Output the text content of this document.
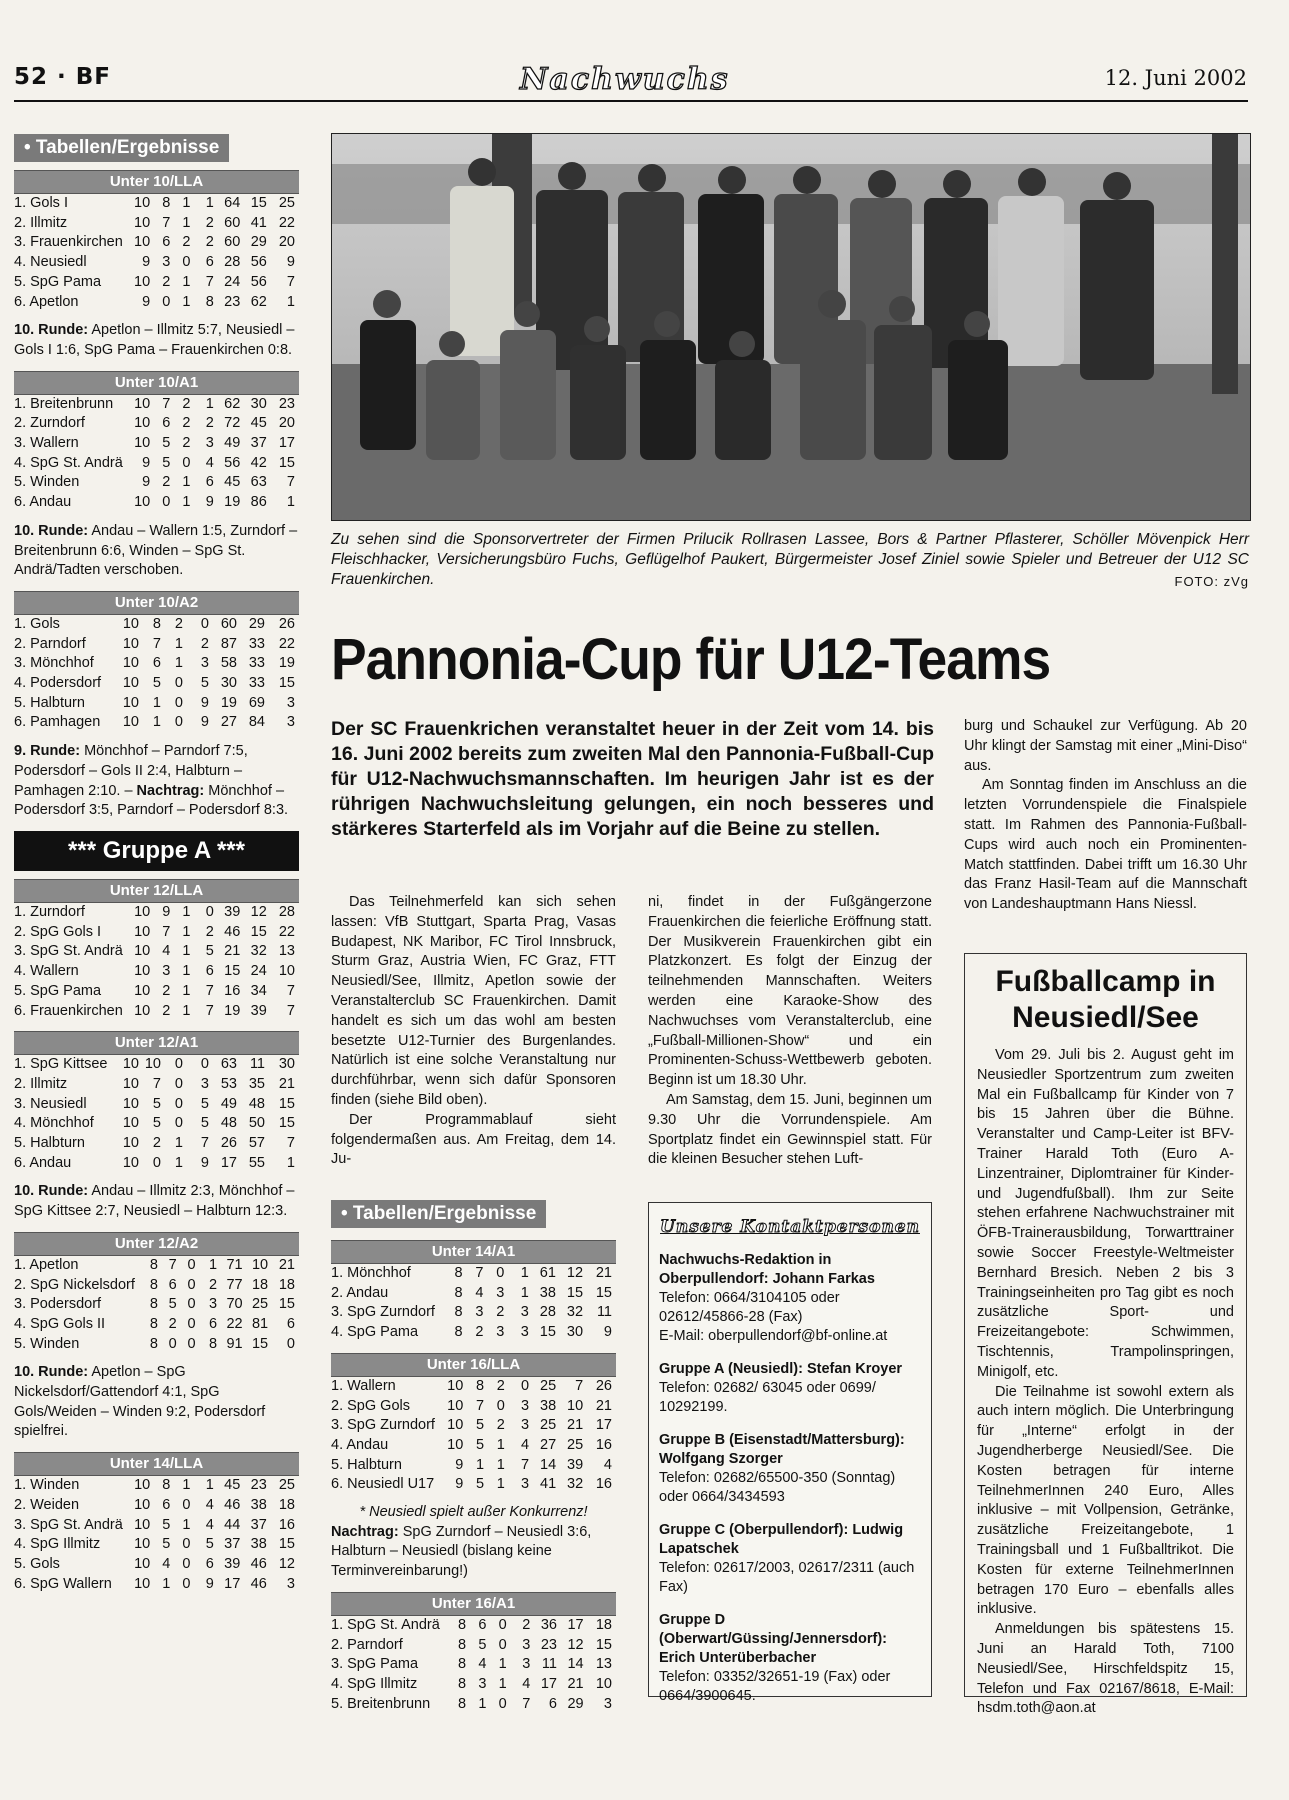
52 · BF	Nachwuchs	12. Juni 2002
• Tabellen/Ergebnisse
Unter 10/LLA
1. Gols I	10	8	1	1	64	15	25
2. Illmitz	10	7	1	2	60	41	22
3. Frauenkirchen	10	6	2	2	60	29	20
4. Neusiedl	9	3	0	6	28	56	9
5. SpG Pama	10	2	1	7	24	56	7
6. Apetlon	9	0	1	8	23	62	1
10. Runde: Apetlon – Illmitz 5:7, Neusiedl – Gols I 1:6, SpG Pama – Frauenkirchen 0:8.
Unter 10/A1
1. Breitenbrunn	10	7	2	1	62	30	23
2. Zurndorf	10	6	2	2	72	45	20
3. Wallern	10	5	2	3	49	37	17
4. SpG St. Andrä	9	5	0	4	56	42	15
5. Winden	9	2	1	6	45	63	7
6. Andau	10	0	1	9	19	86	1
10. Runde: Andau – Wallern 1:5, Zurndorf – Breitenbrunn 6:6, Winden – SpG St. Andrä/Tadten verschoben.
Unter 10/A2
1. Gols	10	8	2	0	60	29	26
2. Parndorf	10	7	1	2	87	33	22
3. Mönchhof	10	6	1	3	58	33	19
4. Podersdorf	10	5	0	5	30	33	15
5. Halbturn	10	1	0	9	19	69	3
6. Pamhagen	10	1	0	9	27	84	3
9. Runde: Mönchhof – Parndorf 7:5, Podersdorf – Gols II 2:4, Halbturn – Pamhagen 2:10. – Nachtrag: Mönchhof – Podersdorf 3:5, Parndorf – Podersdorf 8:3.
*** Gruppe A ***
Unter 12/LLA
1. Zurndorf	10	9	1	0	39	12	28
2. SpG Gols I	10	7	1	2	46	15	22
3. SpG St. Andrä	10	4	1	5	21	32	13
4. Wallern	10	3	1	6	15	24	10
5. SpG Pama	10	2	1	7	16	34	7
6. Frauenkirchen	10	2	1	7	19	39	7
Unter 12/A1
1. SpG Kittsee	10	10	0	0	63	11	30
2. Illmitz	10	7	0	3	53	35	21
3. Neusiedl	10	5	0	5	49	48	15
4. Mönchhof	10	5	0	5	48	50	15
5. Halbturn	10	2	1	7	26	57	7
6. Andau	10	0	1	9	17	55	1
10. Runde: Andau – Illmitz 2:3, Mönchhof – SpG Kittsee 2:7, Neusiedl – Halbturn 12:3.
Unter 12/A2
1. Apetlon	8	7	0	1	71	10	21
2. SpG Nickelsdorf	8	6	0	2	77	18	18
3. Podersdorf	8	5	0	3	70	25	15
4. SpG Gols II	8	2	0	6	22	81	6
5. Winden	8	0	0	8	91	15	0
10. Runde: Apetlon – SpG Nickelsdorf/Gattendorf 4:1, SpG Gols/Weiden – Winden 9:2, Podersdorf spielfrei.
Unter 14/LLA
1. Winden	10	8	1	1	45	23	25
2. Weiden	10	6	0	4	46	38	18
3. SpG St. Andrä	10	5	1	4	44	37	16
4. SpG Illmitz	10	5	0	5	37	38	15
5. Gols	10	4	0	6	39	46	12
6. SpG Wallern	10	1	0	9	17	46	3
Zu sehen sind die Sponsorvertreter der Firmen Prilucik Rollrasen Lassee, Bors & Partner Pflasterer, Schöller Mövenpick Herr Fleischhacker, Versicherungsbüro Fuchs, Geflügelhof Paukert, Bürgermeister Josef Ziniel sowie Spieler und Betreuer der U12 SC Frauenkirchen.	FOTO: zVg
Pannonia-Cup für U12-Teams
Der SC Frauenkrichen veranstaltet heuer in der Zeit vom 14. bis 16. Juni 2002 bereits zum zweiten Mal den Pannonia-Fußball-Cup für U12-Nachwuchsmannschaften. Im heurigen Jahr ist es der rührigen Nachwuchsleitung gelungen, ein noch besseres und stärkeres Starterfeld als im Vorjahr auf die Beine zu stellen.

Das Teilnehmerfeld kan sich sehen lassen: VfB Stuttgart, Sparta Prag, Vasas Budapest, NK Maribor, FC Tirol Innsbruck, Sturm Graz, Austria Wien, FC Graz, FTT Neusiedl/See, Illmitz, Apetlon sowie der Veranstalterclub SC Frauenkirchen. Damit handelt es sich um das wohl am besten besetzte U12-Turnier des Burgenlandes. Natürlich ist eine solche Veranstaltung nur durchführbar, wenn sich dafür Sponsoren finden (siehe Bild oben).

Der Programmablauf sieht folgendermaßen aus. Am Freitag, dem 14. Ju-

ni, findet in der Fußgängerzone Frauenkirchen die feierliche Eröffnung statt. Der Musikverein Frauenkirchen gibt ein Platzkonzert. Es folgt der Einzug der teilnehmenden Mannschaften. Weiters werden eine Karaoke-Show des Nachwuchses vom Veranstalterclub, eine „Fußball-Millionen-Show“ und ein Prominenten-Schuss-Wettbewerb geboten. Beginn ist um 18.30 Uhr.

Am Samstag, dem 15. Juni, beginnen um 9.30 Uhr die Vorrundenspiele. Am Sportplatz findet ein Gewinnspiel statt. Für die kleinen Besucher stehen Luft-

burg und Schaukel zur Verfügung. Ab 20 Uhr klingt der Samstag mit einer „Mini-Diso“ aus.

Am Sonntag finden im Anschluss an die letzten Vorrundenspiele die Finalspiele statt. Im Rahmen des Pannonia-Fußball-Cups wird auch noch ein Prominenten-Match stattfinden. Dabei trifft um 16.30 Uhr das Franz Hasil-Team auf die Mannschaft von Landeshauptmann Hans Niessl.

• Tabellen/Ergebnisse
Unter 14/A1
1. Mönchhof	8	7	0	1	61	12	21
2. Andau	8	4	3	1	38	15	15
3. SpG Zurndorf	8	3	2	3	28	32	11
4. SpG Pama	8	2	3	3	15	30	9
Unter 16/LLA
1. Wallern	10	8	2	0	25	7	26
2. SpG Gols	10	7	0	3	38	10	21
3. SpG Zurndorf	10	5	2	3	25	21	17
4. Andau	10	5	1	4	27	25	16
5. Halbturn	9	1	1	7	14	39	4
6. Neusiedl U17	9	5	1	3	41	32	16
* Neusiedl spielt außer Konkurrenz!
Nachtrag: SpG Zurndorf – Neusiedl 3:6, Halbturn – Neusiedl (bislang keine Terminvereinbarung!)
Unter 16/A1
1. SpG St. Andrä	8	6	0	2	36	17	18
2. Parndorf	8	5	0	3	23	12	15
3. SpG Pama	8	4	1	3	11	14	13
4. SpG Illmitz	8	3	1	4	17	21	10
5. Breitenbrunn	8	1	0	7	6	29	3
Unsere Kontaktpersonen
Nachwuchs-Redaktion in Oberpullendorf: Johann Farkas
Telefon: 0664/3104105 oder 02612/45866-28 (Fax)
E-Mail: oberpullendorf@bf-online.at
Gruppe A (Neusiedl): Stefan Kroyer
Telefon: 02682/ 63045 oder 0699/ 10292199.
Gruppe B (Eisenstadt/Mattersburg): Wolfgang Szorger
Telefon: 02682/65500-350 (Sonntag) oder 0664/3434593
Gruppe C (Oberpullendorf): Ludwig Lapatschek
Telefon: 02617/2003, 02617/2311 (auch Fax)
Gruppe D (Oberwart/Güssing/Jennersdorf): Erich Unterüberbacher
Telefon: 03352/32651-19 (Fax) oder 0664/3900645.
Fußballcamp in Neusiedl/See

Vom 29. Juli bis 2. August geht im Neusiedler Sportzentrum zum zweiten Mal ein Fußballcamp für Kinder von 7 bis 15 Jahren über die Bühne. Veranstalter und Camp-Leiter ist BFV-Trainer Harald Toth (Euro A-Linzentrainer, Diplomtrainer für Kinder- und Jugendfußball). Ihm zur Seite stehen erfahrene Nachwuchstrainer mit ÖFB-Trainerausbildung, Torwarttrainer sowie Soccer Freestyle-Weltmeister Bernhard Bresich. Neben 2 bis 3 Trainingseinheiten pro Tag gibt es noch zusätzliche Sport- und Freizeitangebote: Schwimmen, Tischtennis, Trampolinspringen, Minigolf, etc.

Die Teilnahme ist sowohl extern als auch intern möglich. Die Unterbringung für „Interne“ erfolgt in der Jugendherberge Neusiedl/See. Die Kosten betragen für interne TeilnehmerInnen 240 Euro, Alles inklusive – mit Vollpension, Getränke, zusätzliche Freizeitangebote, 1 Trainingsball und 1 Fußballtrikot. Die Kosten für externe TeilnehmerInnen betragen 170 Euro – ebenfalls alles inklusive.

Anmeldungen bis spätestens 15. Juni an Harald Toth, 7100 Neusiedl/See, Hirschfeldspitz 15, Telefon und Fax 02167/8618, E-Mail: hsdm.toth@aon.at
